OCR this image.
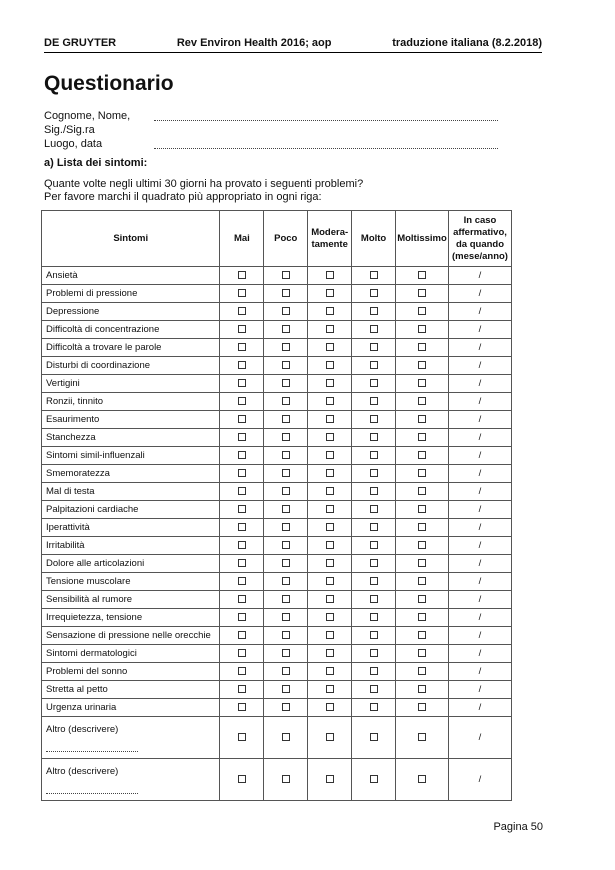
DE GRUYTER	Rev Environ Health 2016; aop	traduzione italiana (8.2.2018)
Questionario
Cognome, Nome,
Sig./Sig.ra
Luogo, data
a) Lista dei sintomi:
Quante volte negli ultimi 30 giorni ha provato i seguenti problemi?
Per favore marchi il quadrato più appropriato in ogni riga:
Sintomi	Mai	Poco	Modera-
tamente	Molto	Moltissimo	In caso
affermativo,
da quando
(mese/anno)
Ansietà						/
Problemi di pressione						/
Depressione						/
Difficoltà di concentrazione						/
Difficoltà a trovare le parole						/
Disturbi di coordinazione						/
Vertigini						/
Ronzii, tinnito						/
Esaurimento						/
Stanchezza						/
Sintomi simil-influenzali						/
Smemoratezza						/
Mal di testa						/
Palpitazioni cardiache						/
Iperattività						/
Irritabilità						/
Dolore alle articolazioni						/
Tensione muscolare						/
Sensibilità al rumore						/
Irrequietezza, tensione						/
Sensazione di pressione nelle orecchie						/
Sintomi dermatologici						/
Problemi del sonno						/
Stretta al petto						/
Urgenza urinaria						/

Altro (descrivere)						/

Altro (descrivere)						/
Pagina 50
